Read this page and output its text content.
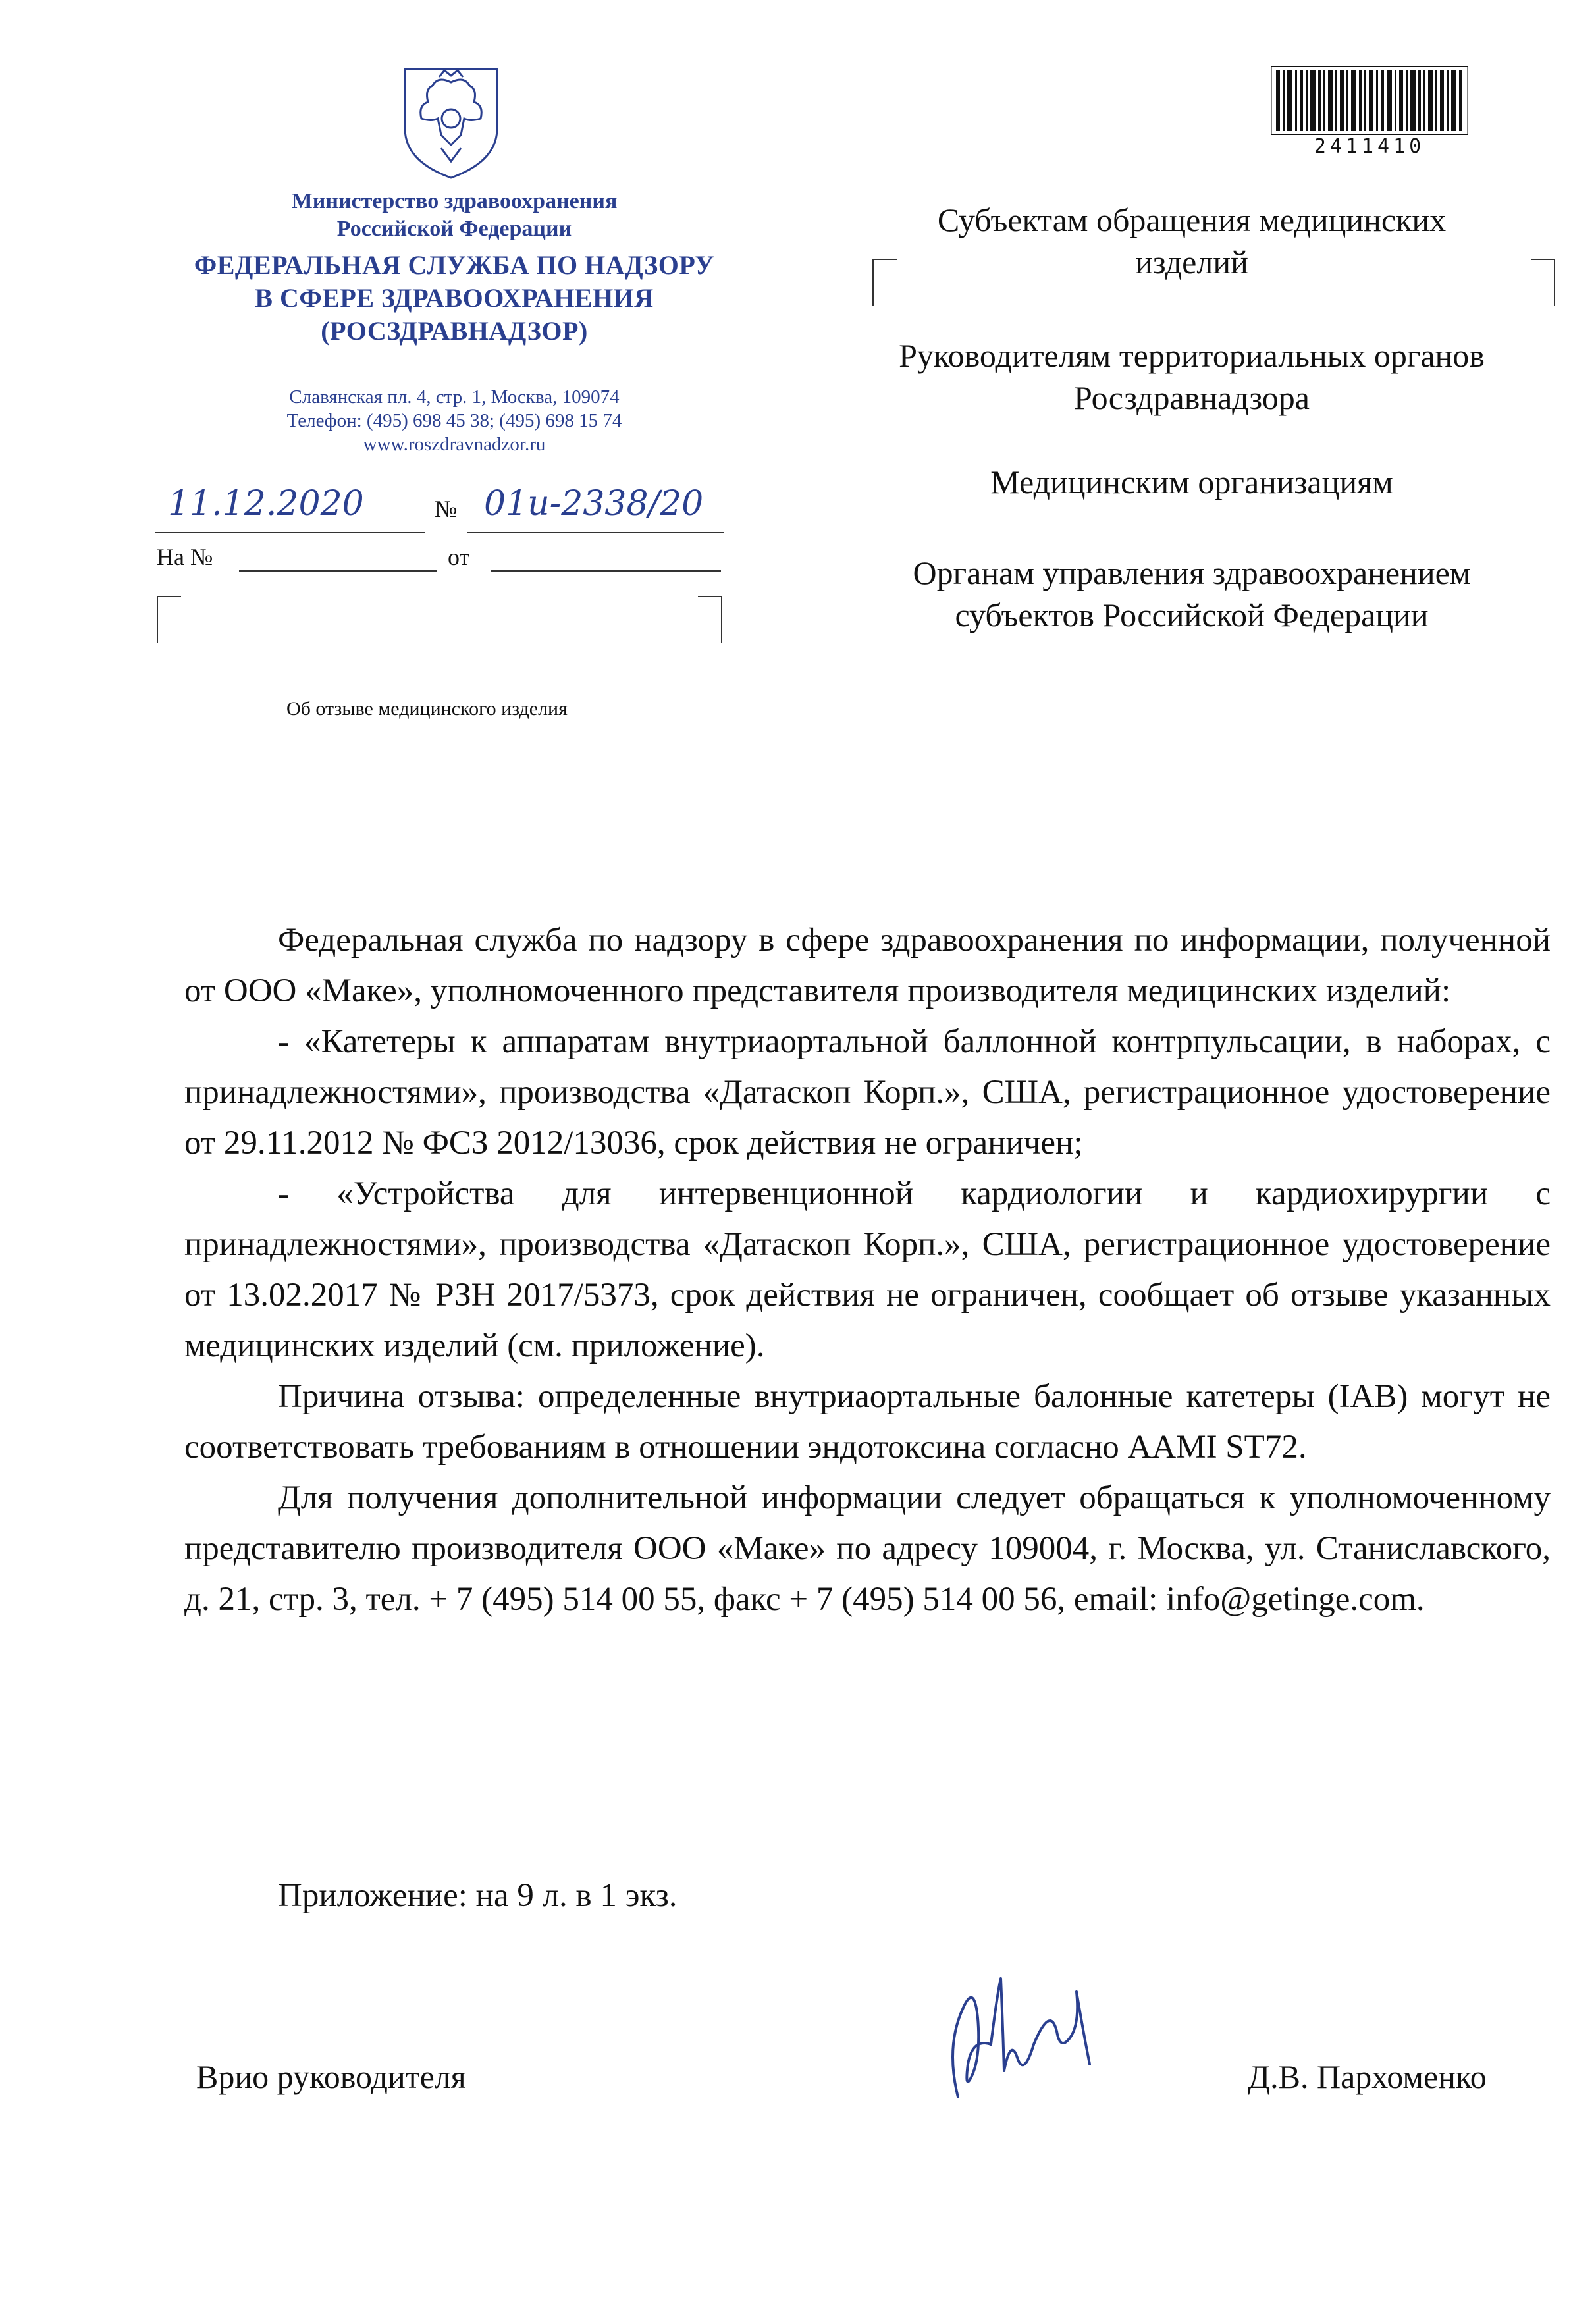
Министерство здравоохранения
Российской Федерации
ФЕДЕРАЛЬНАЯ СЛУЖБА ПО НАДЗОРУ
В СФЕРЕ ЗДРАВООХРАНЕНИЯ
(РОСЗДРАВНАДЗОР)
Славянская пл. 4, стр. 1, Москва, 109074
Телефон: (495) 698 45 38; (495) 698 15 74
www.roszdravnadzor.ru
11.12.2020	01и-2338/20
№
На №	от
Об отзыве медицинского изделия
2411410
Субъектам обращения медицинских
изделий
Руководителям территориальных органов
Росздравнадзора
Медицинским организациям
Органам управления здравоохранением
субъектов Российской Федерации

Федеральная служба по надзору в сфере здравоохранения по информации, полученной от ООО «Маке», уполномоченного представителя производителя медицинских изделий:

- «Катетеры к аппаратам внутриаортальной баллонной контрпульсации, в наборах, с принадлежностями», производства «Датаскоп Корп.», США, регистрационное удостоверение от 29.11.2012 № ФСЗ 2012/13036, срок действия не ограничен;

- «Устройства для интервенционной кардиологии и кардиохирургии с принадлежностями», производства «Датаскоп Корп.», США, регистрационное удостоверение от 13.02.2017 № РЗН 2017/5373, срок действия не ограничен, сообщает об отзыве указанных медицинских изделий (см. приложение).

Причина отзыва: определенные внутриаортальные балонные катетеры (IAB) могут не соответствовать требованиям в отношении эндотоксина согласно AAMI ST72.

Для получения дополнительной информации следует обращаться к уполномоченному представителю производителя ООО «Маке» по адресу 109004, г. Москва, ул. Станиславского, д. 21, стр. 3, тел. + 7 (495) 514 00 55, факс + 7 (495) 514 00 56, email: info@getinge.com.

Приложение: на 9 л. в 1 экз.
Врио руководителя	Д.В. Пархоменко
